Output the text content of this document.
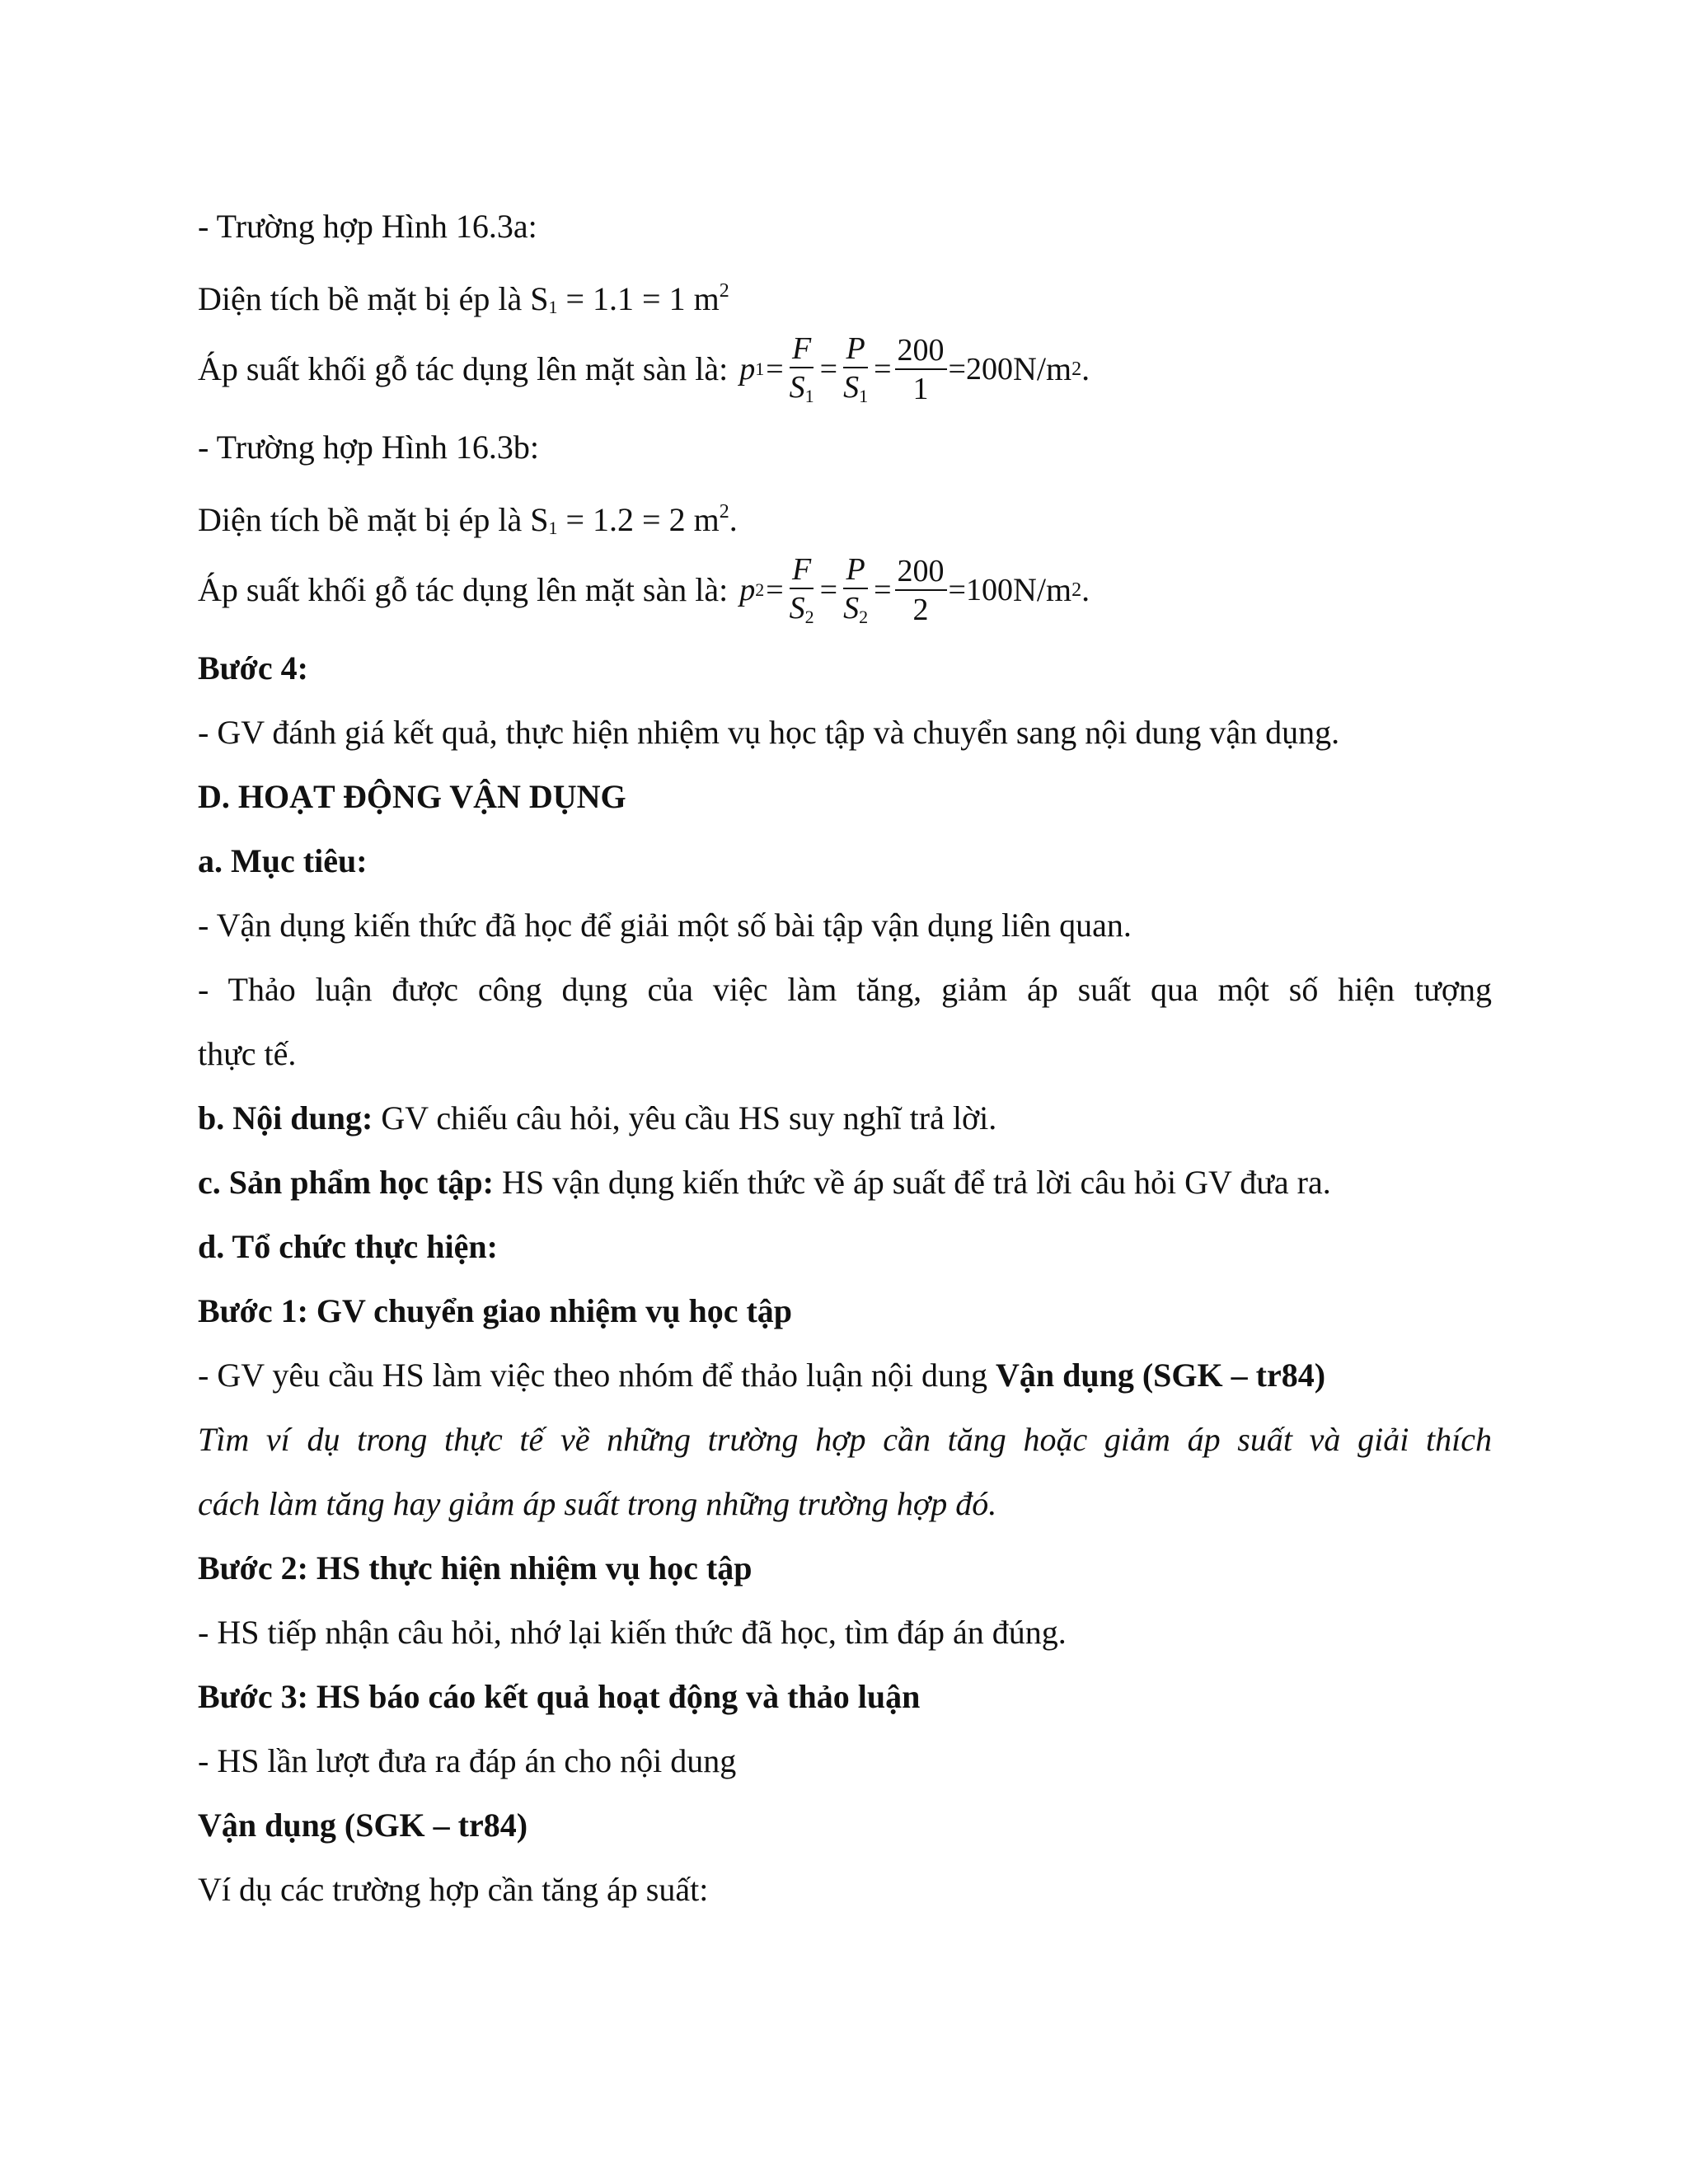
- Trường hợp Hình 16.3a:
Diện tích bề mặt bị ép là S1 = 1.1 = 1 $m^2$
Áp suất khối gỗ tác dụng lên mặt sàn là: p $1 = \frac{F}{S1} = \frac{P}{S1} = \frac{200}{1} =200$ N/m 2 .
- Trường hợp Hình 16.3b:
Diện tích bề mặt bị ép là S1 = 1.2 = 2 $m^2$.
Áp suất khối gỗ tác dụng lên mặt sàn là: p $2 = \frac{F}{S2} = \frac{P}{S2} = \frac{200}{2} =100$ N/m 2 .
Bước 4:
- GV đánh giá kết quả, thực hiện nhiệm vụ học tập và chuyển sang nội dung vận dụng.
D. HOẠT ĐỘNG VẬN DỤNG
a. Mục tiêu:
- Vận dụng kiến thức đã học để giải một số bài tập vận dụng liên quan.
- Thảo luận được công dụng của việc làm tăng, giảm áp suất qua một số hiện tượng
thực tế.
b. Nội dung: GV chiếu câu hỏi, yêu cầu HS suy nghĩ trả lời.
c. Sản phẩm học tập: HS vận dụng kiến thức về áp suất để trả lời câu hỏi GV đưa ra.
d. Tổ chức thực hiện:
Bước 1: GV chuyển giao nhiệm vụ học tập
- GV yêu cầu HS làm việc theo nhóm để thảo luận nội dung Vận dụng (SGK – tr84)
Tìm ví dụ trong thực tế về những trường hợp cần tăng hoặc giảm áp suất và giải thích
cách làm tăng hay giảm áp suất trong những trường hợp đó.
Bước 2: HS thực hiện nhiệm vụ học tập
- HS tiếp nhận câu hỏi, nhớ lại kiến thức đã học, tìm đáp án đúng.
Bước 3: HS báo cáo kết quả hoạt động và thảo luận
- HS lần lượt đưa ra đáp án cho nội dung
Vận dụng (SGK – tr84)
Ví dụ các trường hợp cần tăng áp suất:
